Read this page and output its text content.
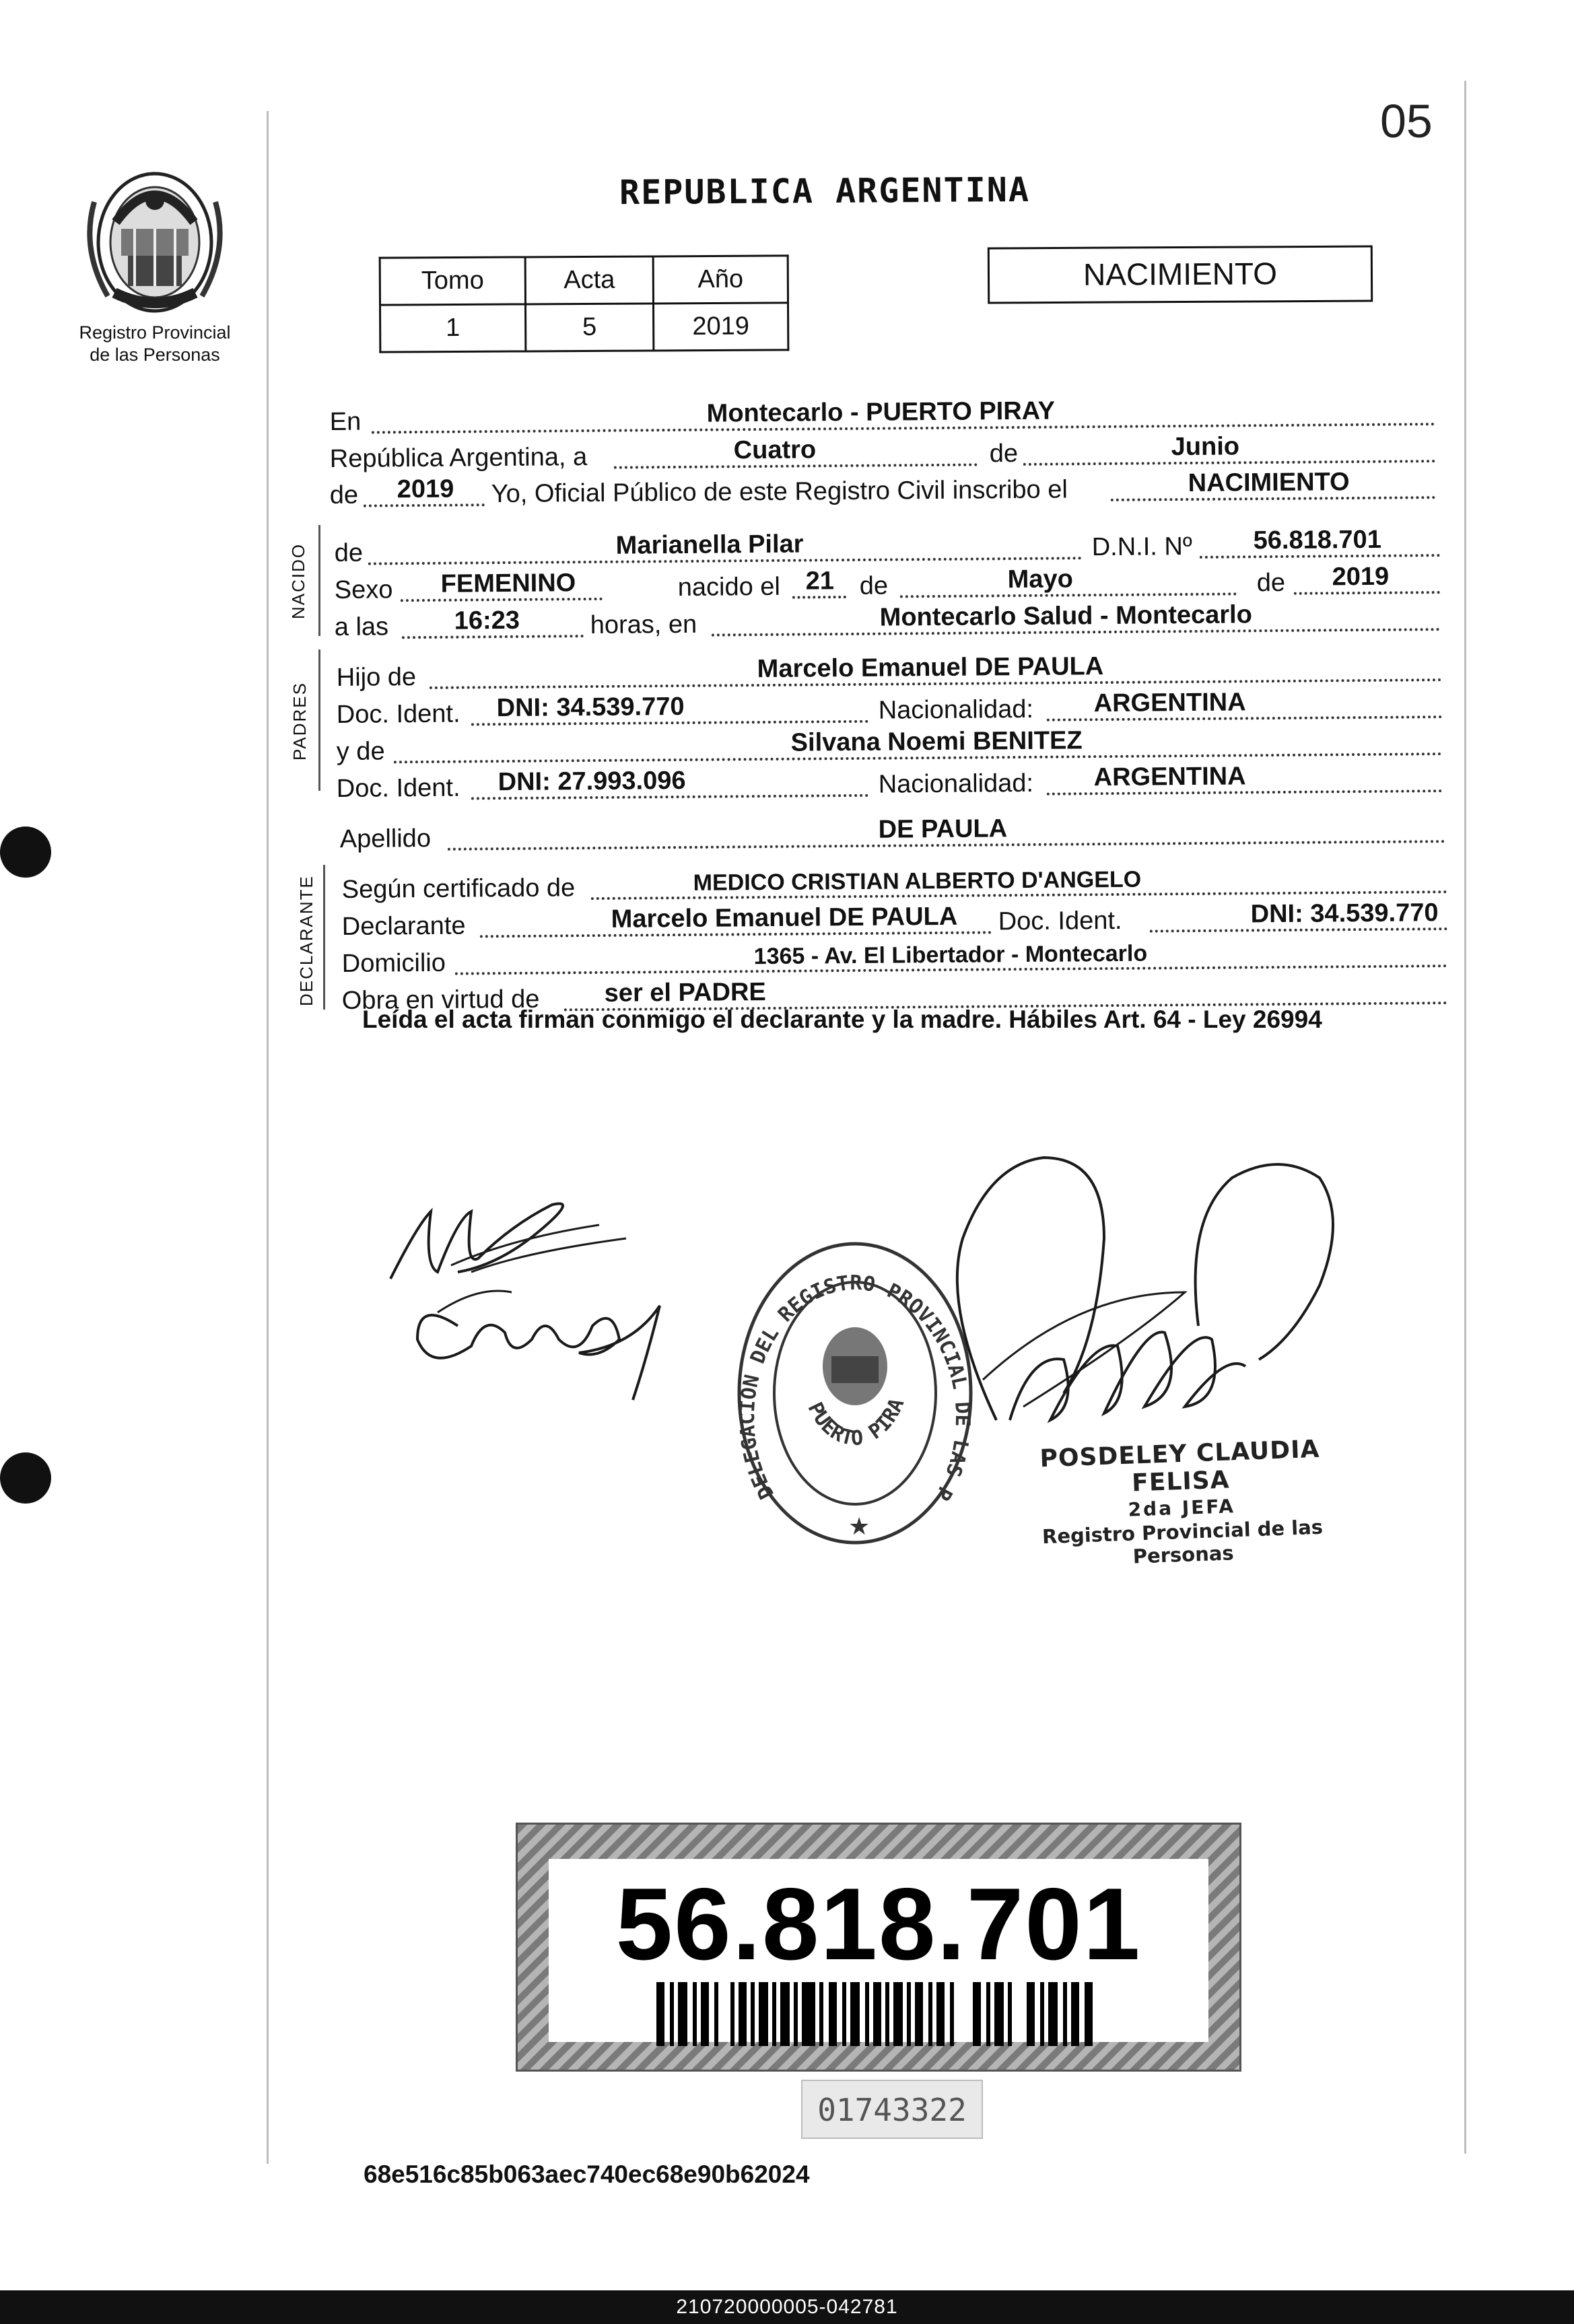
05
REPUBLICA ARGENTINA
Registro Provincial
de las Personas
Tomo	Acta	Año
1	5	2019
NACIMIENTO
En	Montecarlo - PUERTO PIRAY
República Argentina, a	Cuatro	de	Junio
de 2019 Yo, Oficial Público de este Registro Civil inscribo el	NACIMIENTO
NACIDO de	Marianella Pilar	D.N.I. Nº 56.818.701
Sexo FEMENINO	nacido el 21 de	Mayo	de 2019
a las	16:23	horas, en	Montecarlo Salud - Montecarlo
PADRES
Hijo de	Marcelo Emanuel DE PAULA
Doc. Ident. DNI: 34.539.770	Nacionalidad: ARGENTINA
y de	Silvana Noemi BENITEZ
Doc. Ident. DNI: 27.993.096	Nacionalidad: ARGENTINA
Apellido	DE PAULA
DECLARANTE Según certificado de	MEDICO CRISTIAN ALBERTO D'ANGELO
Declarante	Marcelo Emanuel DE PAULA Doc. Ident.	DNI: 34.539.770
Domicilio	1365 - Av. El Libertador - Montecarlo
Obra en virtud de	ser el PADRE
Leída el acta firman conmigo el declarante y la madre. Hábiles Art. 64 - Ley 26994
DELEGACION DEL REGISTRO PROVINCIAL DE LAS P
PUERTO PIRA
★
POSDELEY CLAUDIA FELISA
2da JEFA
Registro Provincial de las Personas
56.818.701
01743322
68e516c85b063aec740ec68e90b62024
210720000005-042781
